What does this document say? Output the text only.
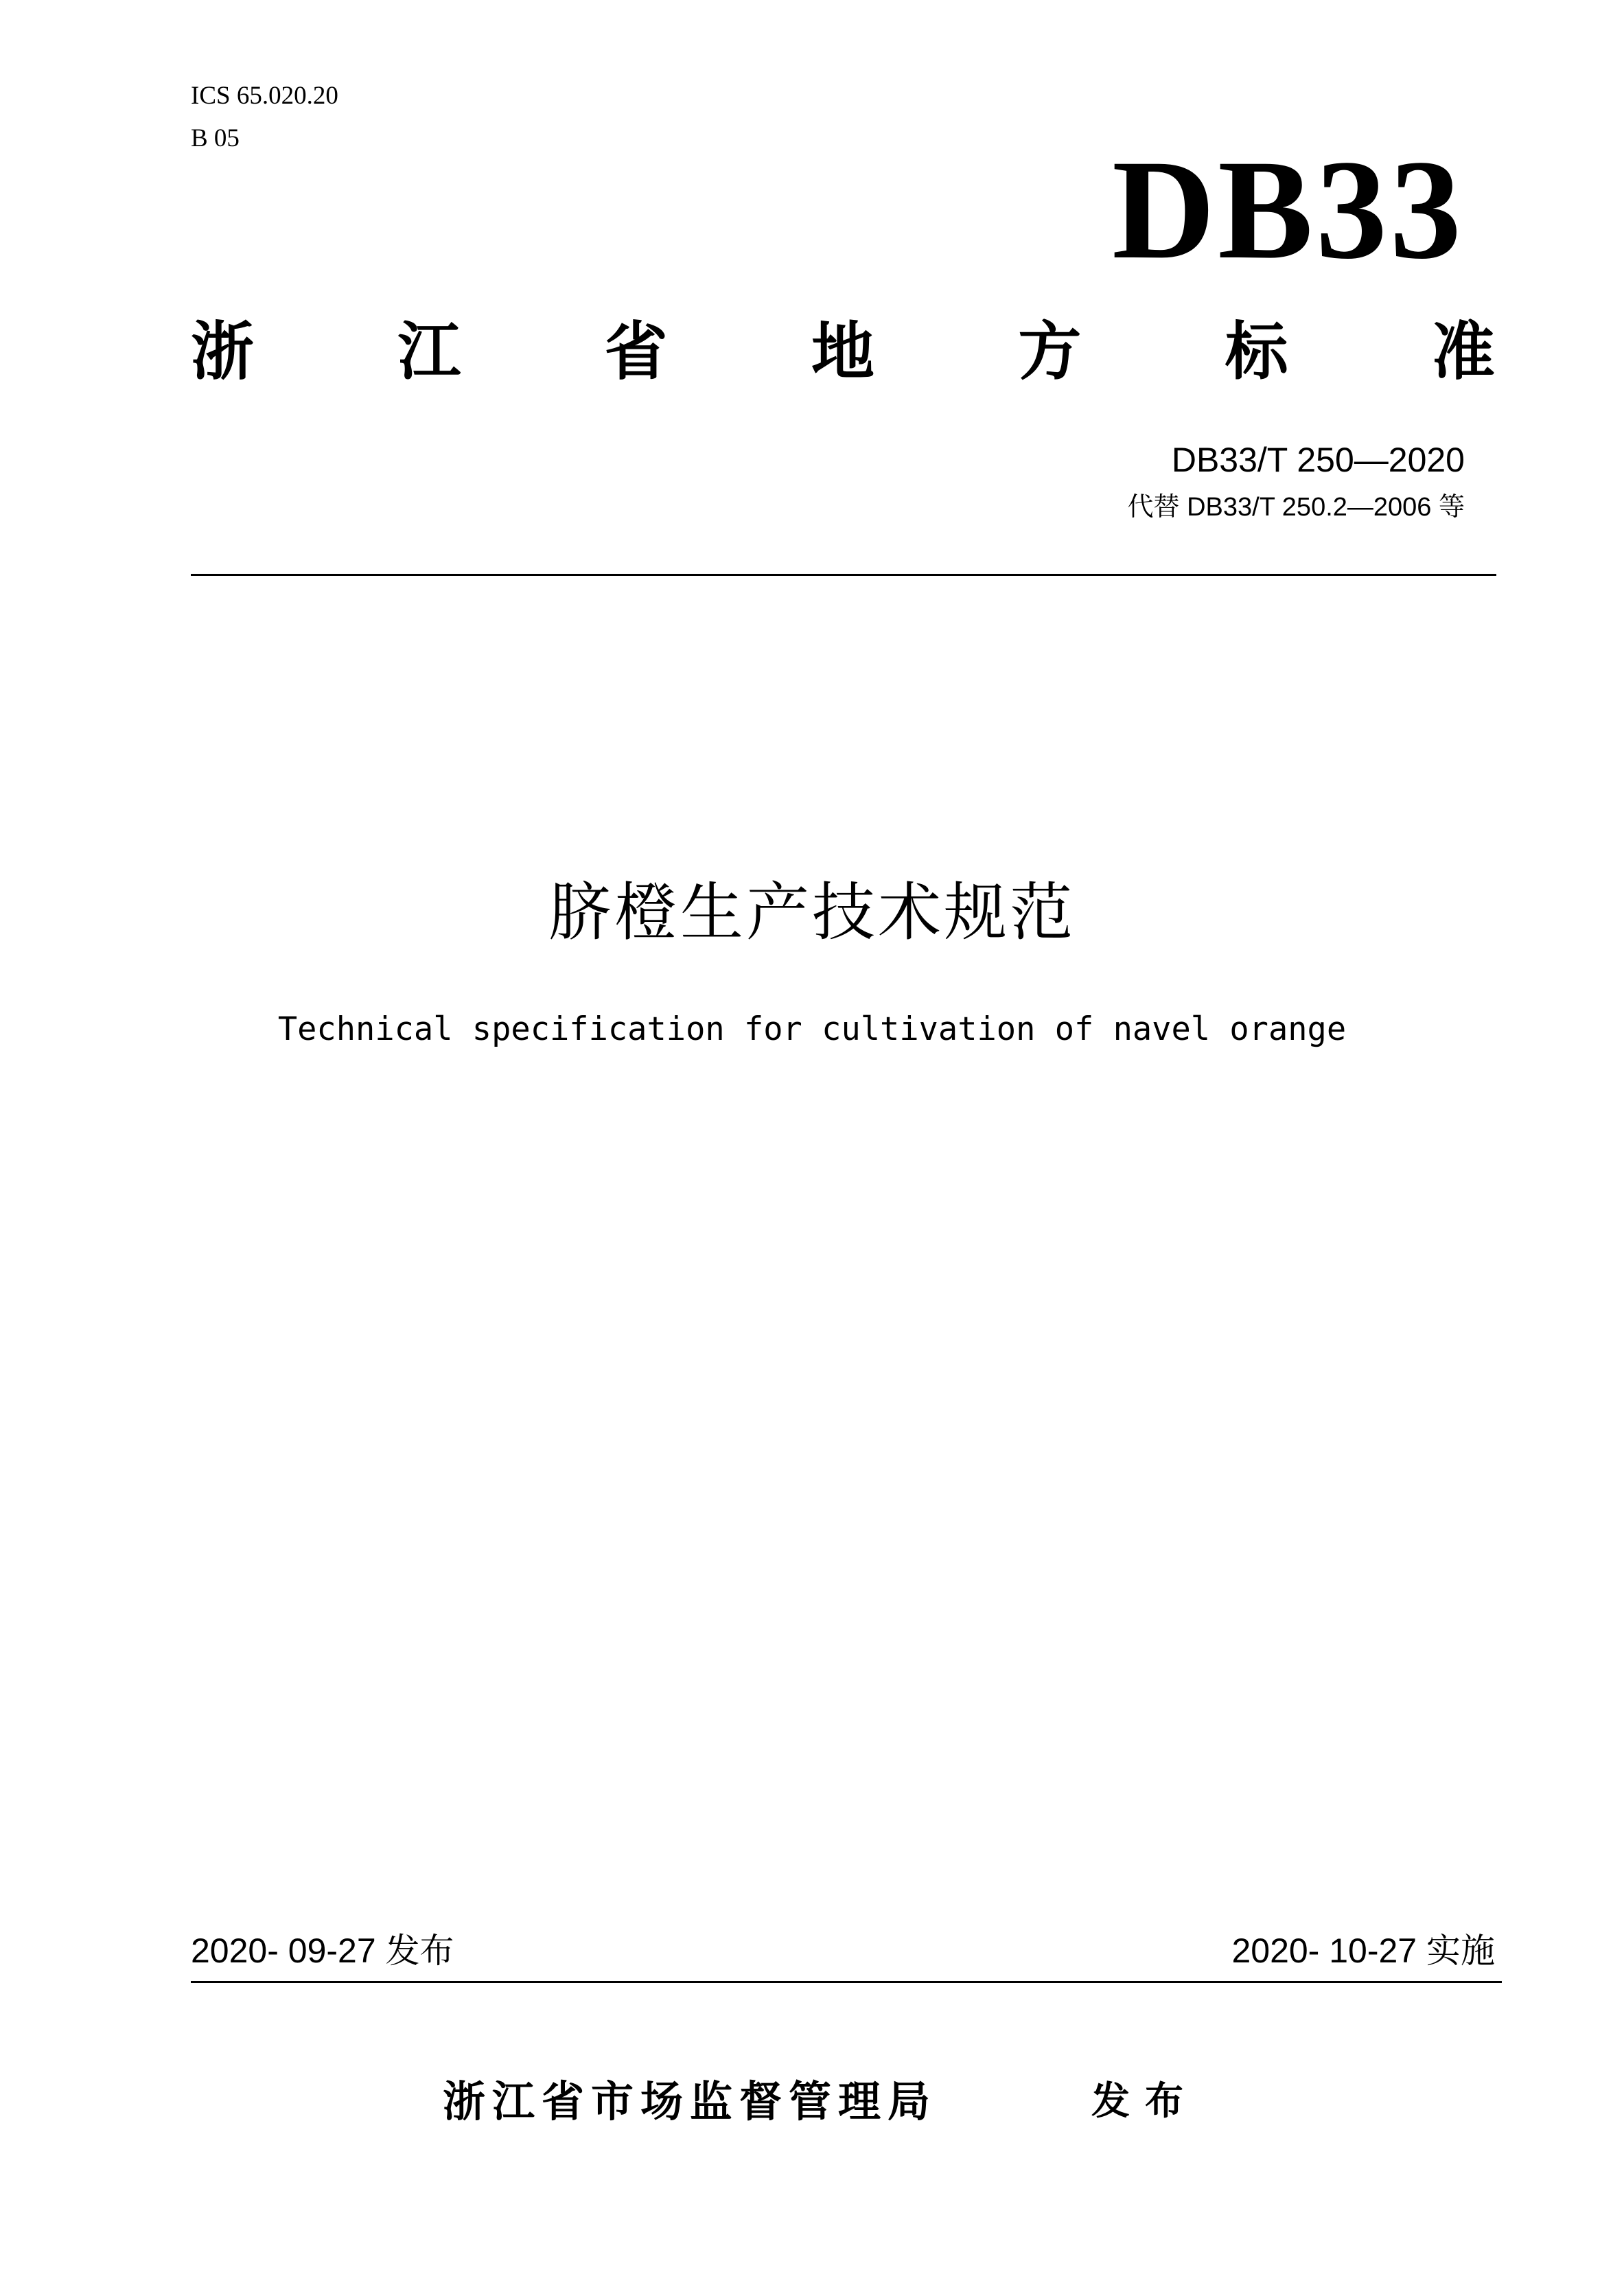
ICS 65.020.20
B 05	DB33
浙 江 省 地 方 标 准
DB33/T 250—2020
代替 DB33/T 250.2—2006 等
脐橙生产技术规范
Technical specification for cultivation of navel orange
2020- 09-27 发布	2020- 10-27 实施
浙江省市场监督管理局	发布
